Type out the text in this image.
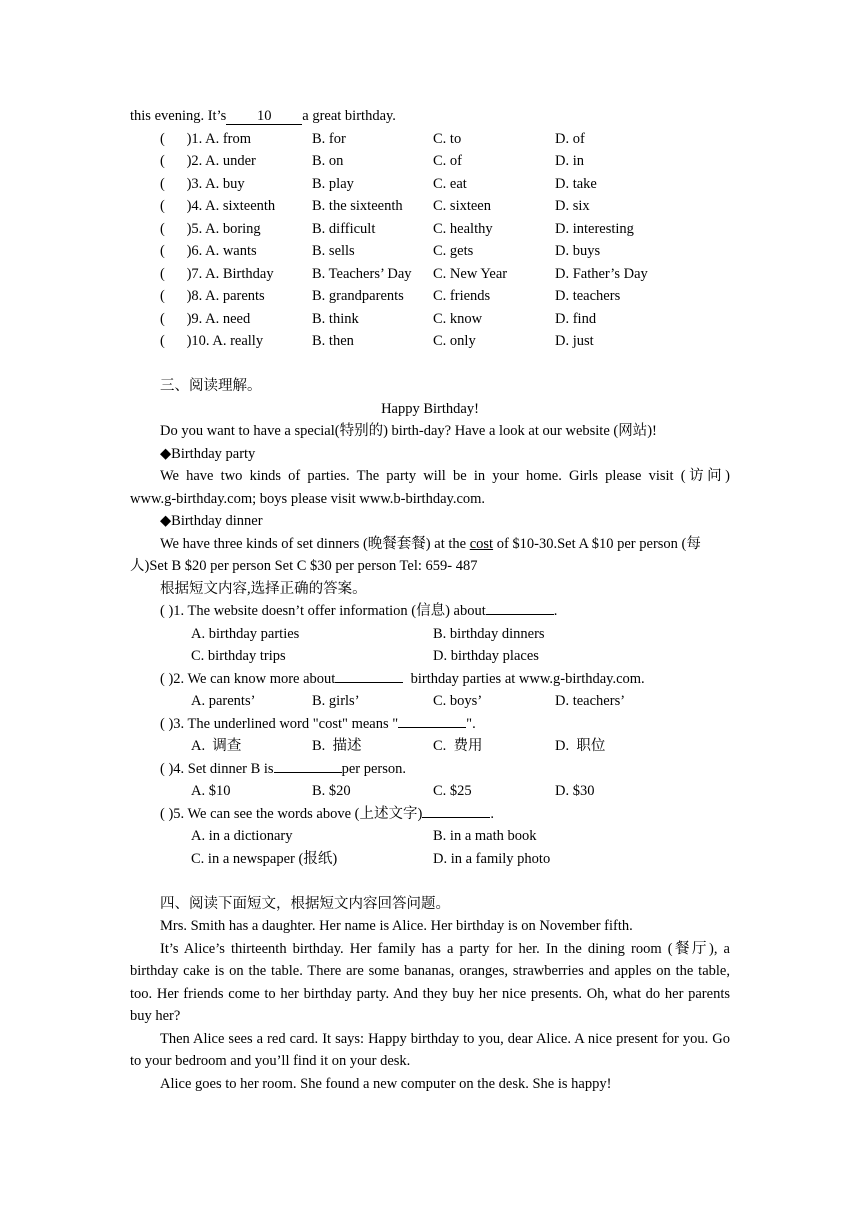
this evening. It’s 10 a great birthday.
(      )1. A. from	B. for	C. to	D. of
(      )2. A. under	B. on	C. of	D. in
(      )3. A. buy	B. play	C. eat	D. take
(      )4. A. sixteenth	B. the sixteenth C. sixteen	D. six
(      )5. A. boring	B. difficult	C. healthy	D. interesting
(      )6. A. wants	B. sells	C. gets	D. buys
(      )7. A. Birthday	B. Teachers’ Day C. New Year	D. Father’s Day
(      )8. A. parents	B. grandparents C. friends	D. teachers
(      )9. A. need	B. think	C. know	D. find
(      )10. A. really	B. then	C. only	D. just
三、阅读理解。
Happy Birthday!
Do you want to have a special(特别的) birth-day? Have a look at our website (网站)!
◆Birthday party
We have two kinds of parties. The party will be in your home. Girls please visit (访问)
www.g-birthday.com; boys please visit www.b-birthday.com.
◆Birthday dinner
We have three kinds of set dinners (晚餐套餐) at the cost of $10-30.Set A $10 per person (每
人)Set B $20 per person Set C $30 per person Tel: 659- 487
根据短文内容,选择正确的答案。
( )1. The website doesn’t offer information (信息) about	.
A. birthday parties	B. birthday dinners
C. birthday trips	D. birthday places
( )2. We can know more about	birthday parties at www.g-birthday.com.
A. parents’	B. girls’	C. boys’	D. teachers’
( )3. The underlined word "cost" means "	".
A.  调查	B.  描述	C.  费用	D.  职位
( )4. Set dinner B is	per person.
A. $10	B. $20	C. $25	D. $30
( )5. We can see the words above (上述文字)	.
A. in a dictionary	B. in a math book
C. in a newspaper (报纸)	D. in a family photo
四、阅读下面短文，根据短文内容回答问题。
Mrs. Smith has a daughter. Her name is Alice. Her birthday is on November fifth.
It’s Alice’s thirteenth birthday. Her family has a party for her. In the dining room (餐厅), a birthday cake is on the table. There are some bananas, oranges, strawberries and apples on the table, too. Her friends come to her birthday party. And they buy her nice presents. Oh, what do her parents buy her?
Then Alice sees a red card. It says: Happy birthday to you, dear Alice. A nice present for you. Go to your bedroom and you’ll find it on your desk.
Alice goes to her room. She found a new computer on the desk. She is happy!
